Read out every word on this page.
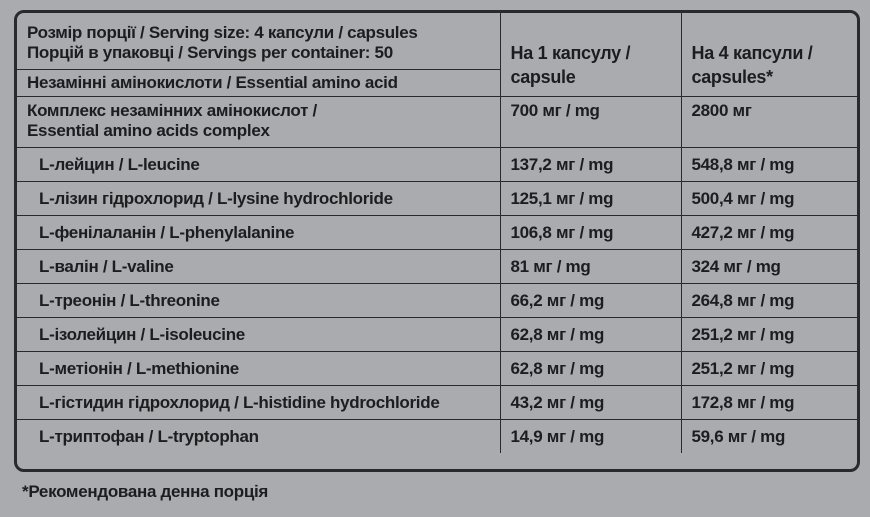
Розмір порції / Serving size: 4 капсули / capsules
Порцій в упаковці / Servings per container: 50	На 1 капсулу /
capsule	На 4 капсули /
capsules*

Незамінні амінокислоти / Essential amino acid		

Комплекс незамінних амінокислот /
Essential amino acids complex	700 мг / mg	2800 мг
L-лейцин / L-leucine	137,2 мг / mg	548,8 мг / mg
L-лізин гідрохлорид / L-lysine hydrochloride	125,1 мг / mg	500,4 мг / mg
L-фенілаланін / L-phenylalanine	106,8 мг / mg	427,2 мг / mg
L-валін / L-valine	81 мг / mg	324 мг / mg
L-треонін / L-threonine	66,2 мг / mg	264,8 мг / mg
L-ізолейцин / L-isoleucine	62,8 мг / mg	251,2 мг / mg
L-метіонін / L-methionine	62,8 мг / mg	251,2 мг / mg
L-гістидин гідрохлорид / L-histidine hydrochloride	43,2 мг / mg	172,8 мг / mg
L-триптофан / L-tryptophan	14,9 мг / mg	59,6 мг / mg
*Рекомендована денна порція
